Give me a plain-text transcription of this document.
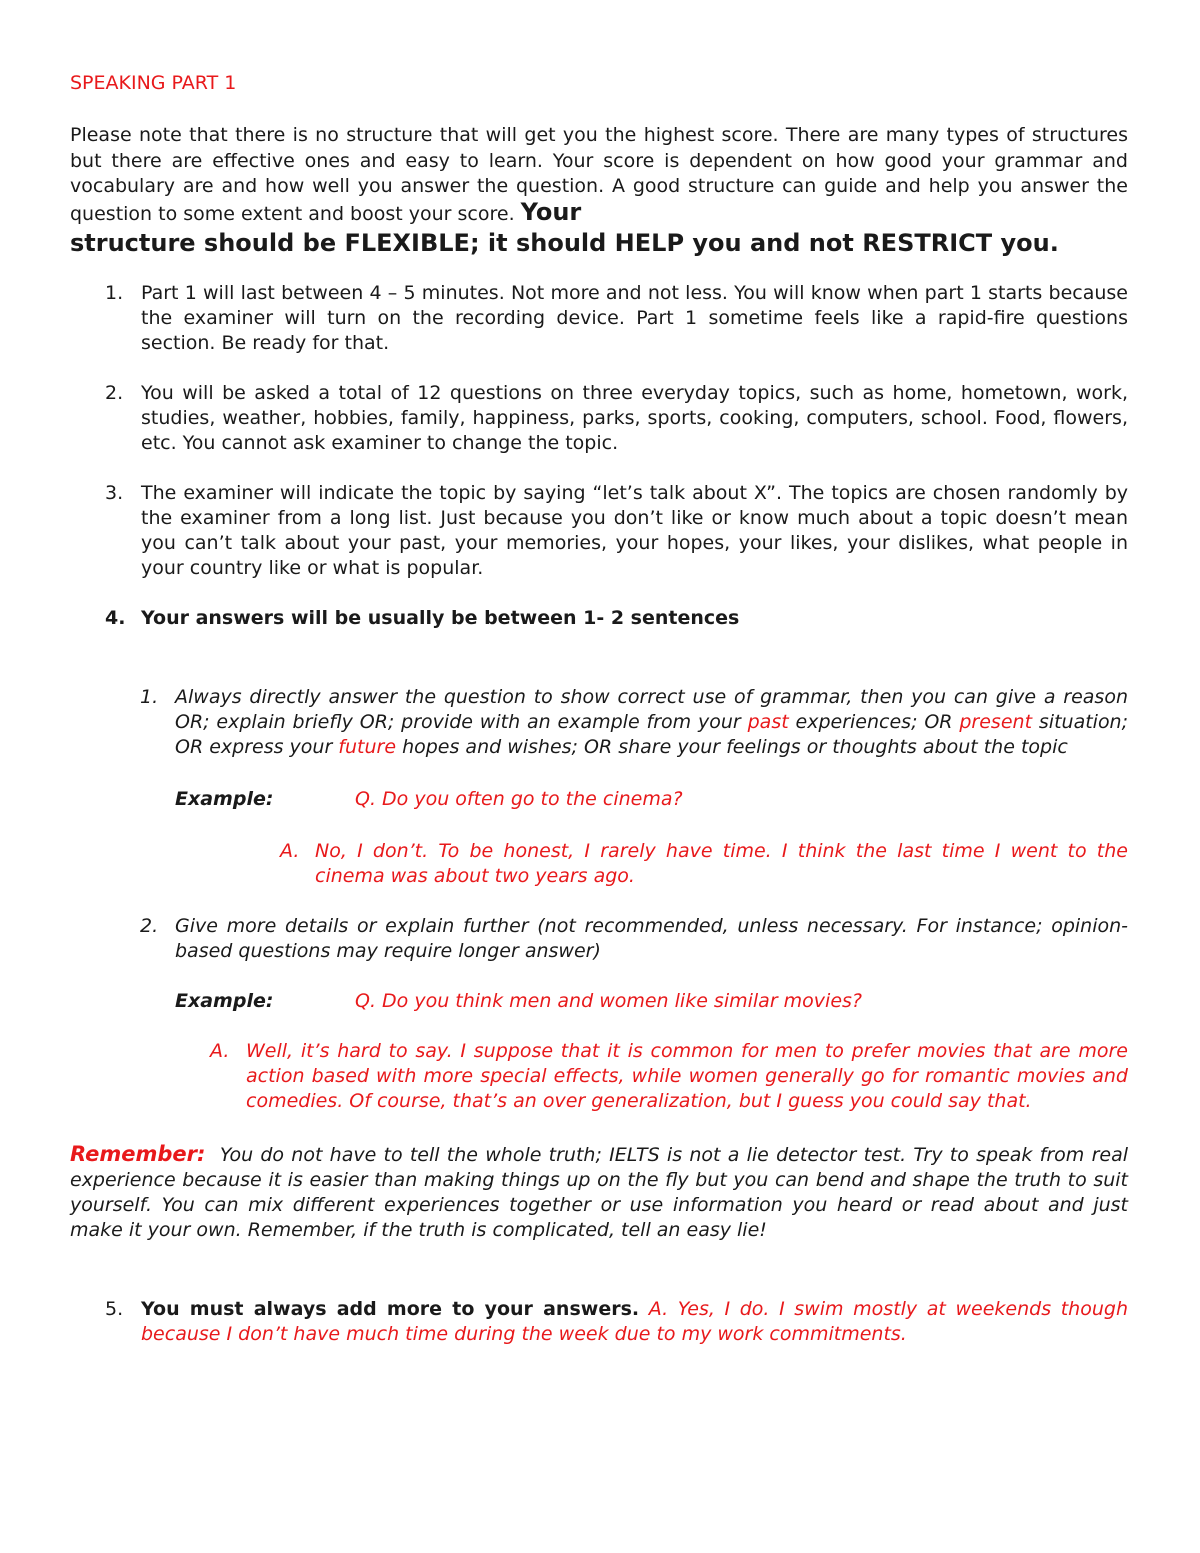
SPEAKING PART 1

Please note that there is no structure that will get you the highest score. There are many types of structures but there are effective ones and easy to learn. Your score is dependent on how good your grammar and vocabulary are and how well you answer the question. A good structure can guide and help you answer the question to some extent and boost your score. Your
structure should be FLEXIBLE; it should HELP you and not RESTRICT you.

1. Part 1 will last between 4 – 5 minutes. Not more and not less. You will know when part 1 starts because the examiner will turn on the recording device. Part 1 sometime feels like a rapid-fire questions section. Be ready for that.
2. You will be asked a total of 12 questions on three everyday topics, such as home, hometown, work, studies, weather, hobbies, family, happiness, parks, sports, cooking, computers, school. Food, flowers, etc. You cannot ask examiner to change the topic.
3. The examiner will indicate the topic by saying “let’s talk about X”. The topics are chosen randomly by the examiner from a long list. Just because you don’t like or know much about a topic doesn’t mean you can’t talk about your past, your memories, your hopes, your likes, your dislikes, what people in your country like or what is popular.
4. Your answers will be usually be between 1- 2 sentences
1. Always directly answer the question to show correct use of grammar, then you can give a reason OR; explain briefly OR; provide with an example from your past experiences; OR present situation; OR express your future hopes and wishes; OR share your feelings or thoughts about the topic
Example:	Q. Do you often go to the cinema?
A. No, I don’t. To be honest, I rarely have time. I think the last time I went to the cinema was about two years ago.
2. Give more details or explain further (not recommended, unless necessary. For instance; opinion-based questions may require longer answer)
Example:	Q. Do you think men and women like similar movies?
A. Well, it’s hard to say. I suppose that it is common for men to prefer movies that are more action based with more special effects, while women generally go for romantic movies and comedies. Of course, that’s an over generalization, but I guess you could say that.

Remember: You do not have to tell the whole truth; IELTS is not a lie detector test. Try to speak from real experience because it is easier than making things up on the fly but you can bend and shape the truth to suit yourself. You can mix different experiences together or use information you heard or read about and just make it your own. Remember, if the truth is complicated, tell an easy lie!

5. You must always add more to your answers. A. Yes, I do. I swim mostly at weekends though because I don’t have much time during the week due to my work commitments.
